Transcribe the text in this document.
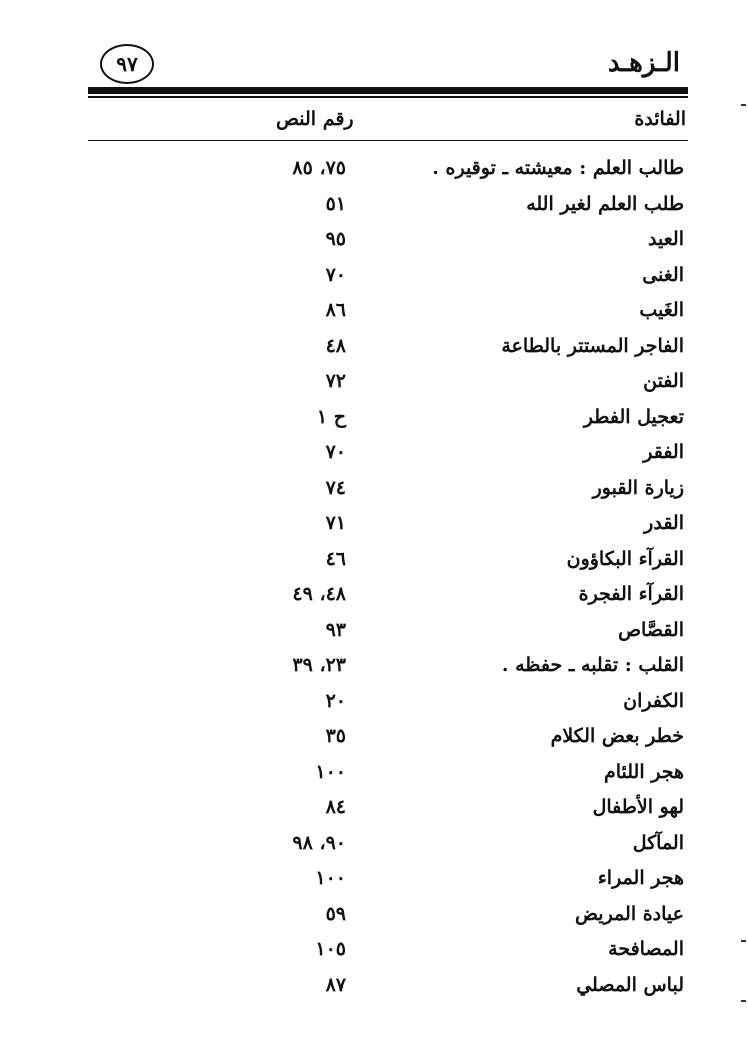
الـزهـد
٩٧
الفائدة
رقم النص
طالب العلم : معيشته ـ توقيره .
٧٥، ٨٥
طلب العلم لغير الله
٥١
العيد
٩٥
الغنى
٧٠
الغَيب
٨٦
الفاجر المستتر بالطاعة
٤٨
الفتن
٧٢
تعجيل الفطر
ح ١
الفقر
٧٠
زيارة القبور
٧٤
القدر
٧١
القرآء البكاؤون
٤٦
القرآء الفجرة
٤٨، ٤٩
القصَّاص
٩٣
القلب : تقلبه ـ حفظه .
٢٣، ٣٩
الكفران
٢٠
خطر بعض الكلام
٣٥
هجر اللئام
١٠٠
لهو الأطفال
٨٤
المآكل
٩٠، ٩٨
هجر المراء
١٠٠
عيادة المريض
٥٩
المصافحة
١٠٥
لباس المصلي
٨٧
